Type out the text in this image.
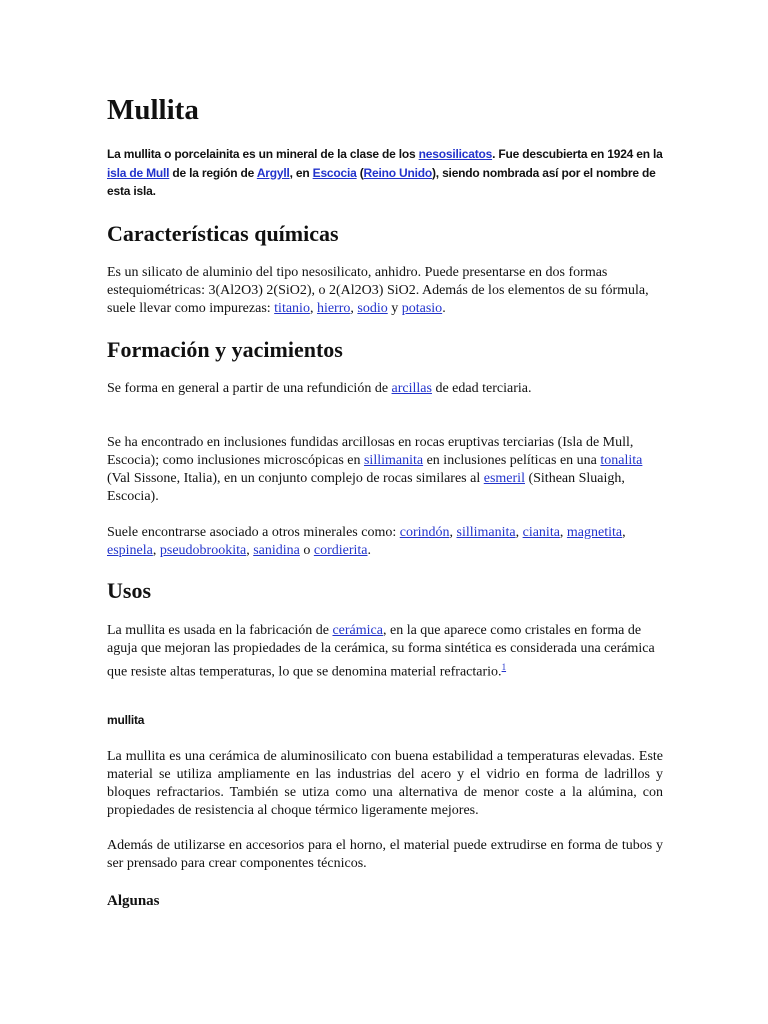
Mullita

La mullita o porcelainita es un mineral de la clase de los nesosilicatos. Fue descubierta en 1924 en la isla de Mull de la región de Argyll, en Escocia (Reino Unido), siendo nombrada así por el nombre de esta isla.

Características químicas

Es un silicato de aluminio del tipo nesosilicato, anhidro. Puede presentarse en dos formas estequiométricas: 3(Al2O3) 2(SiO2), o 2(Al2O3) SiO2. Además de los elementos de su fórmula, suele llevar como impurezas: titanio, hierro, sodio y potasio.

Formación y yacimientos

Se forma en general a partir de una refundición de arcillas de edad terciaria.

Se ha encontrado en inclusiones fundidas arcillosas en rocas eruptivas terciarias (Isla de Mull, Escocia); como inclusiones microscópicas en sillimanita en inclusiones pelíticas en una tonalita (Val Sissone, Italia), en un conjunto complejo de rocas similares al esmeril (Sithean Sluaigh, Escocia).

Suele encontrarse asociado a otros minerales como: corindón, sillimanita, cianita, magnetita, espinela, pseudobrookita, sanidina o cordierita.

Usos

La mullita es usada en la fabricación de cerámica, en la que aparece como cristales en forma de aguja que mejoran las propiedades de la cerámica, su forma sintética es considerada una cerámica que resiste altas temperaturas, lo que se denomina material refractario.$^1$

mullita

La mullita es una cerámica de aluminosilicato con buena estabilidad a temperaturas elevadas. Este material se utiliza ampliamente en las industrias del acero y el vidrio en forma de ladrillos y bloques refractarios. También se utiza como una alternativa de menor coste a la alúmina, con propiedades de resistencia al choque térmico ligeramente mejores.

Además de utilizarse en accesorios para el horno, el material puede extrudirse en forma de tubos y ser prensado para crear componentes técnicos.

Algunas
